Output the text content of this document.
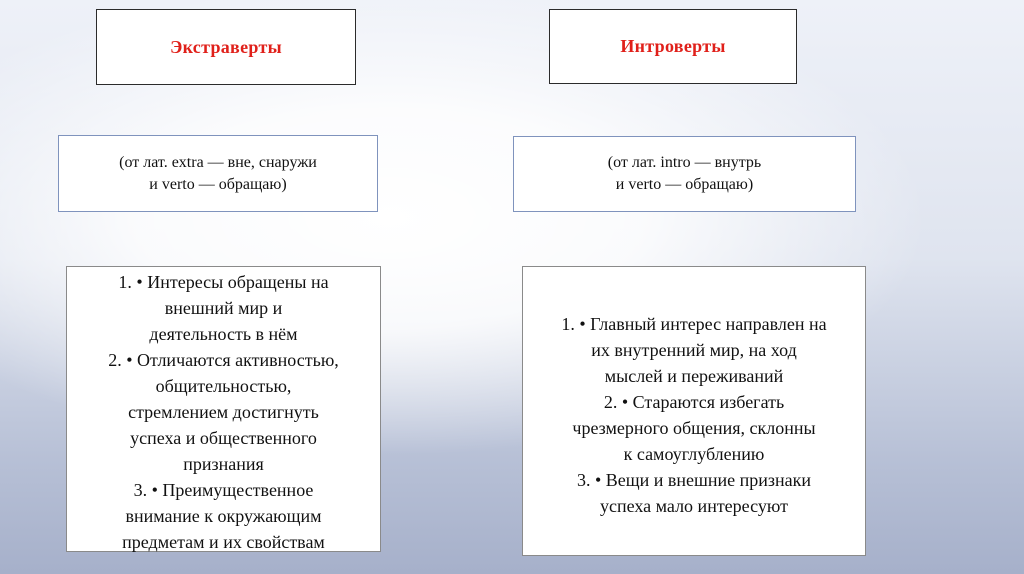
Экстраверты	Интроверты
(от лат. extra — вне, снаружи
и verto — обращаю)
(от лат. intro — внутрь
и verto — обращаю)
1. • Интересы обращены на
внешний мир и
деятельность в нём
2. • Отличаются активностью,
общительностью,
стремлением достигнуть
успеха и общественного
признания
3. • Преимущественное
внимание к окружающим
предметам и их свойствам
1. • Главный интерес направлен на
их внутренний мир, на ход
мыслей и переживаний
2. • Стараются избегать
чрезмерного общения, склонны
к самоуглублению
3. • Вещи и внешние признаки
успеха мало интересуют
